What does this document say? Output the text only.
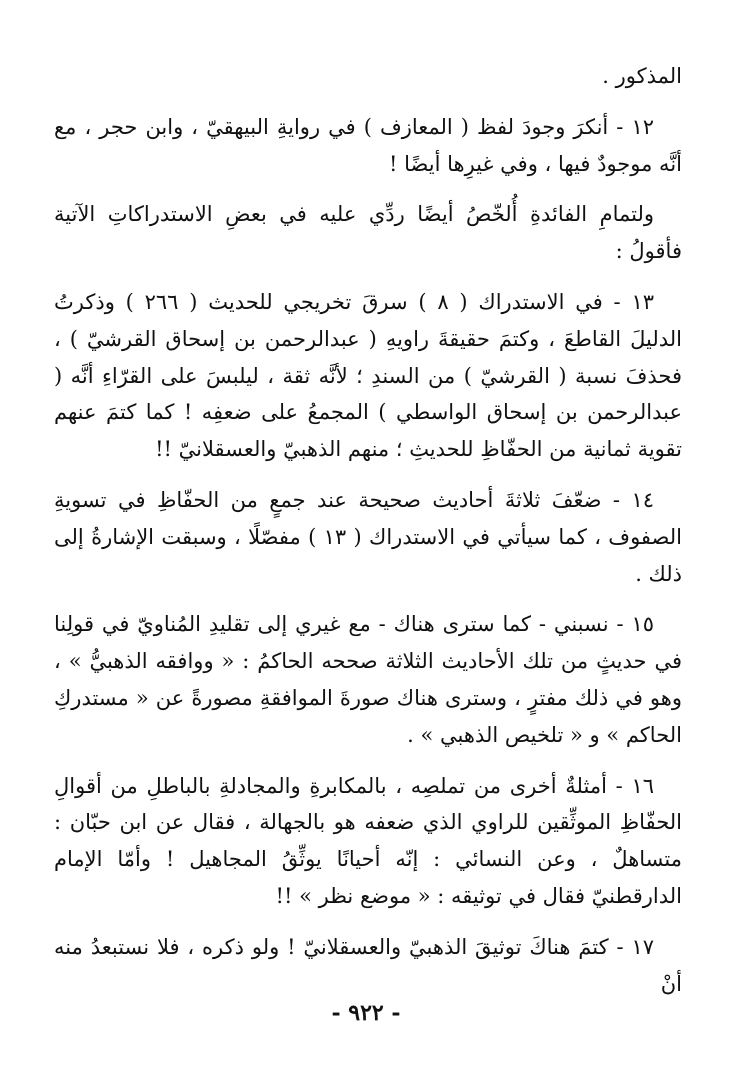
المذكور .

١٢ - أنكرَ وجودَ لفظ ( المعازف ) في روايةِ البيهقيّ ، وابن حجر ، مع أنَّه موجودٌ فيها ، وفي غيرِها أيضًا !

ولتمامِ الفائدةِ أُلخّصُ أيضًا ردِّي عليه في بعضِ الاستدراكاتِ الآتية فأقولُ :

١٣ - في الاستدراك ( ٨ ) سرقَ تخريجي للحديث ( ٢٦٦ ) وذكرتُ الدليلَ القاطعَ ، وكتمَ حقيقةَ راويهِ ( عبدالرحمن بن إسحاق القرشيّ ) ، فحذفَ نسبة ( القرشيّ ) من السندِ ؛ لأنَّه ثقة ، ليلبسَ على القرّاءِ أنَّه ( عبدالرحمن بن إسحاق الواسطي ) المجمعُ على ضعفِه ! كما كتمَ عنهم تقوية ثمانية من الحفّاظِ للحديثِ ؛ منهم الذهبيّ والعسقلانيّ !!

١٤ - ضعّفَ ثلاثةَ أحاديث صحيحة عند جمعٍ من الحفّاظِ في تسويةِ الصفوف ، كما سيأتي في الاستدراك ( ١٣ ) مفصّلًا ، وسبقت الإشارةُ إلى ذلك .

١٥ - نسبني - كما سترى هناك - مع غيري إلى تقليدِ المُناويّ في قولِنا في حديثٍ من تلك الأحاديث الثلاثة صححه الحاكمُ : « ووافقه الذهبيُّ » ، وهو في ذلك مفترٍ ، وسترى هناك صورةَ الموافقةِ مصورةً عن « مستدركِ الحاكم » و « تلخيص الذهبي » .

١٦ - أمثلةٌ أخرى من تملصِه ، بالمكابرةِ والمجادلةِ بالباطلِ من أقوالِ الحفّاظِ الموثِّقين للراوي الذي ضعفه هو بالجهالة ، فقال عن ابن حبّان : متساهلٌ ، وعن النسائي : إنّه أحيانًا يوثِّقُ المجاهيل ! وأمّا الإمام الدارقطنيّ فقال في توثيقه : « موضع نظر » !!

١٧ - كتمَ هناكَ توثيقَ الذهبيّ والعسقلانيّ ! ولو ذكره ، فلا نستبعدُ منه أنْ

- ٩٢٢ -
